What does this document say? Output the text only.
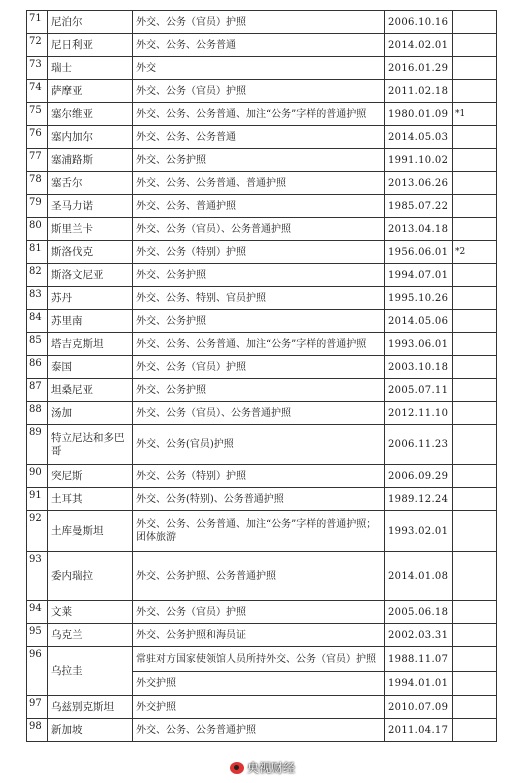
71	尼泊尔	外交、公务（官员）护照	2006.10.16	
72	尼日利亚	外交、公务、公务普通	2014.02.01	
73	瑞士	外交	2016.01.29	
74	萨摩亚	外交、公务（官员）护照	2011.02.18	
75	塞尔维亚	外交、公务、公务普通、加注“公务”字样的普通护照	1980.01.09	*1
76	塞内加尔	外交、公务、公务普通	2014.05.03	
77	塞浦路斯	外交、公务护照	1991.10.02	
78	塞舌尔	外交、公务、公务普通、普通护照	2013.06.26	
79	圣马力诺	外交、公务、普通护照	1985.07.22	
80	斯里兰卡	外交、公务（官员）、公务普通护照	2013.04.18	
81	斯洛伐克	外交、公务（特别）护照	1956.06.01	*2
82	斯洛文尼亚	外交、公务护照	1994.07.01	
83	苏丹	外交、公务、特别、官员护照	1995.10.26	
84	苏里南	外交、公务护照	2014.05.06	
85	塔吉克斯坦	外交、公务、公务普通、加注“公务”字样的普通护照	1993.06.01	
86	泰国	外交、公务（官员）护照	2003.10.18	
87	坦桑尼亚	外交、公务护照	2005.07.11	
88	汤加	外交、公务（官员）、公务普通护照	2012.11.10	
89	特立尼达和多巴哥	外交、公务(官员)护照	2006.11.23	
90	突尼斯	外交、公务（特别）护照	2006.09.29	
91	土耳其	外交、公务(特别)、公务普通护照	1989.12.24	
92	土库曼斯坦	外交、公务、公务普通、加注“公务”字样的普通护照；团体旅游	1993.02.01	
93	委内瑞拉	外交、公务护照、公务普通护照	2014.01.08	
94	文莱	外交、公务（官员）护照	2005.06.18	
95	乌克兰	外交、公务护照和海员证	2002.03.31	
96	乌拉圭	常驻对方国家使领馆人员所持外交、公务（官员）护照	1988.11.07	
		外交护照	1994.01.01	
97	乌兹别克斯坦	外交护照	2010.07.09	
98	新加坡	外交、公务、公务普通护照	2011.04.17	
央视财经
